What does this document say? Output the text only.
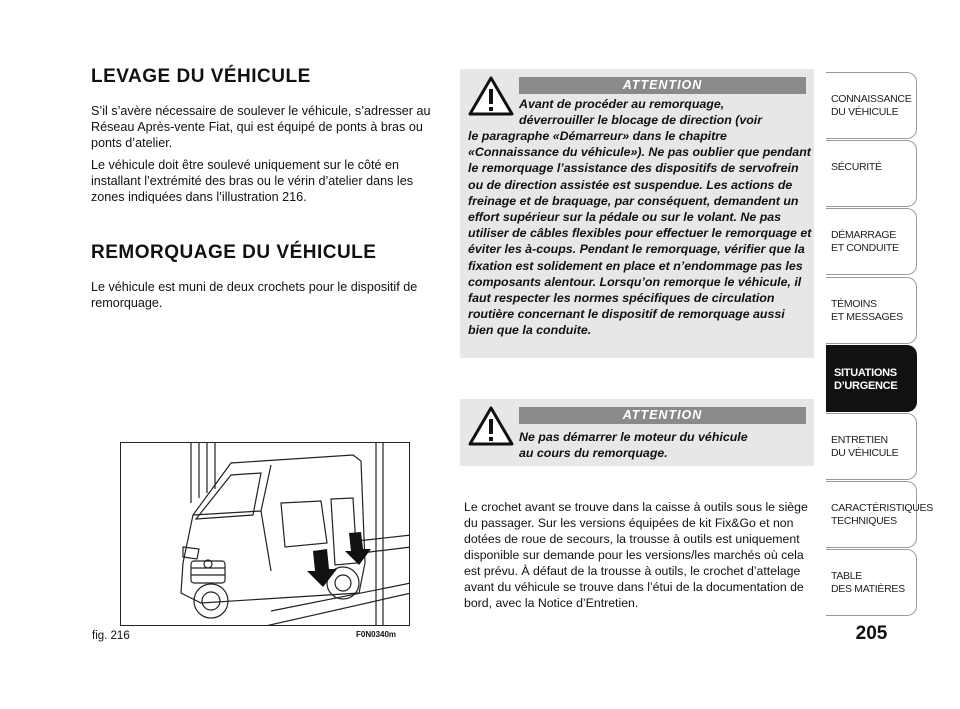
LEVAGE DU VÉHICULE

S’il s’avère nécessaire de soulever le véhicule, s’adresser au Réseau Après-vente Fiat, qui est équipé de ponts à bras ou ponts d’atelier.

Le véhicule doit être soulevé uniquement sur le côté en installant l’extrémité des bras ou le vérin d’atelier dans les zones indiquées dans l’illustration 216.

REMORQUAGE DU VÉHICULE

Le véhicule est muni de deux crochets pour le dispositif de remorquage.

fig. 216	F0N0340m
ATTENTION

Avant de procéder au remorquage, déverrouiller le blocage de direction (voir

le paragraphe «Démarreur» dans le chapitre «Connaissance du véhicule»). Ne pas oublier que pendant le remorquage l’assistance des dispositifs de servofrein ou de direction assistée est suspendue. Les actions de freinage et de braquage, par conséquent, demandent un effort supérieur sur la pédale ou sur le volant. Ne pas utiliser de câbles flexibles pour effectuer le remorquage et éviter les à-coups. Pendant le remorquage, vérifier que la fixation est solidement en place et n’endommage pas les composants alentour. Lorsqu’on remorque le véhicule, il faut respecter les normes spécifiques de circulation routière concernant le dispositif de remorquage aussi bien que la conduite.

ATTENTION

Ne pas démarrer le moteur du véhicule au cours du remorquage.

Le crochet avant se trouve dans la caisse à outils sous le siège du passager. Sur les versions équipées de kit Fix&Go et non dotées de roue de secours, la trousse à outils est uniquement disponible sur demande pour les versions/les marchés où cela est prévu. À défaut de la trousse à outils, le crochet d’attelage avant du véhicule se trouve dans l’étui de la documentation de bord, avec la Notice d’Entretien.

CONNAISSANCE
DU VÉHICULE
SÉCURITÉ
DÉMARRAGE
ET CONDUITE
TÉMOINS
ET MESSAGES
SITUATIONS
D’URGENCE
ENTRETIEN
DU VÉHICULE
CARACTÉRISTIQUES
TECHNIQUES
TABLE
DES MATIÈRES
205
